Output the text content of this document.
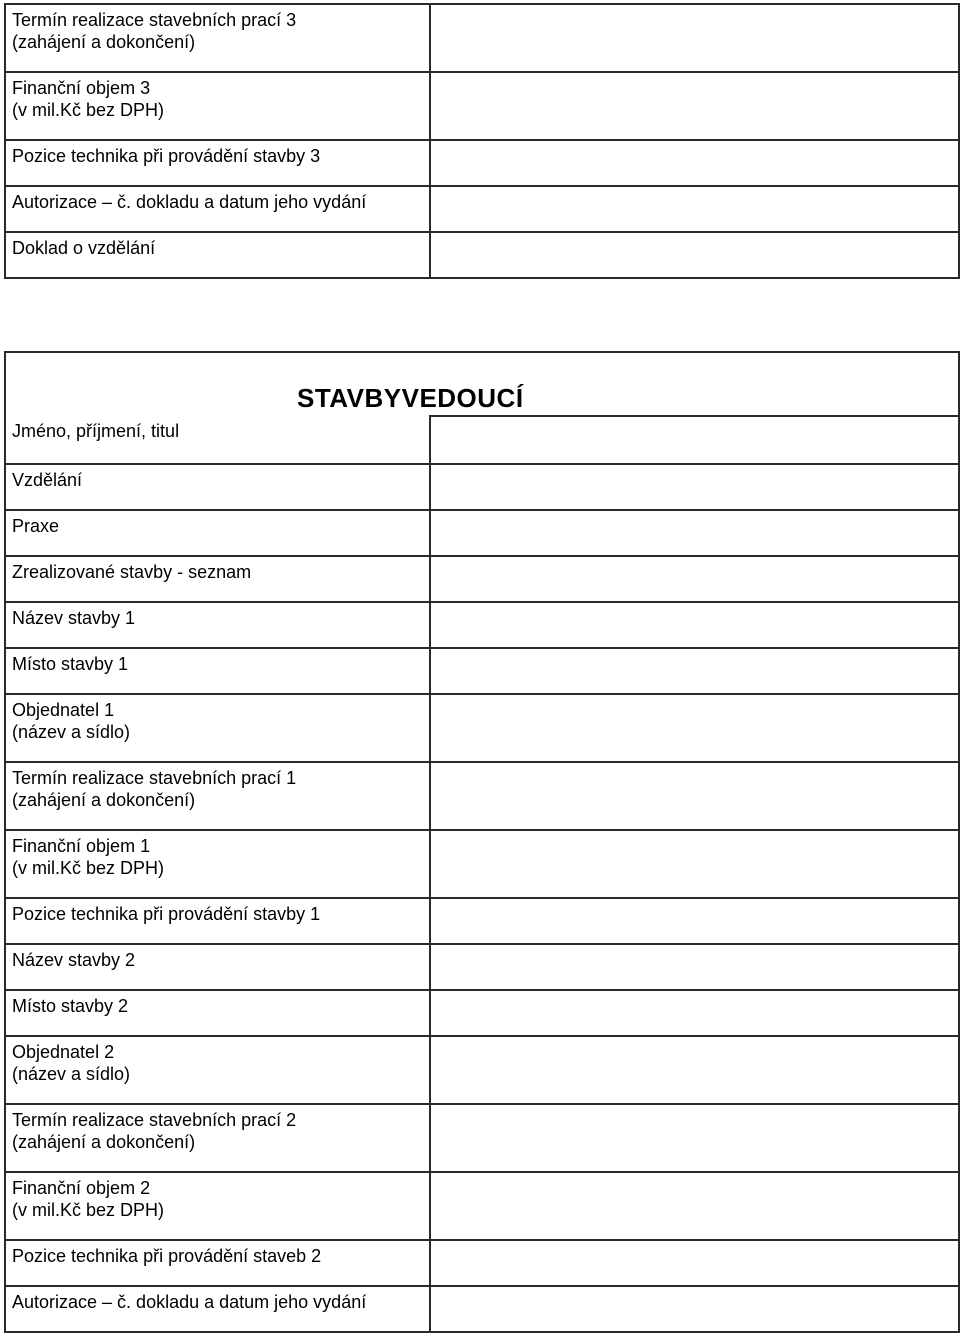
Termín realizace stavebních prací 3
(zahájení a dokončení)	

Finanční objem 3
(v mil.Kč bez DPH)	

Pozice technika při provádění stavby 3	

Autorizace – č. dokladu a datum jeho vydání	

Doklad o vzdělání	

STAVBYVEDOUCÍ	

Jméno, příjmení, titul	

Vzdělání	

Praxe	

Zrealizované stavby - seznam	

Název stavby 1	

Místo stavby 1	

Objednatel 1
(název a sídlo)	

Termín realizace stavebních prací 1
(zahájení a dokončení)	

Finanční objem 1
(v mil.Kč bez DPH)	

Pozice technika při provádění stavby 1	

Název stavby 2	

Místo stavby 2	

Objednatel 2
(název a sídlo)	

Termín realizace stavebních prací 2
(zahájení a dokončení)	

Finanční objem 2
(v mil.Kč bez DPH)	

Pozice technika při provádění staveb 2	

Autorizace – č. dokladu a datum jeho vydání	
